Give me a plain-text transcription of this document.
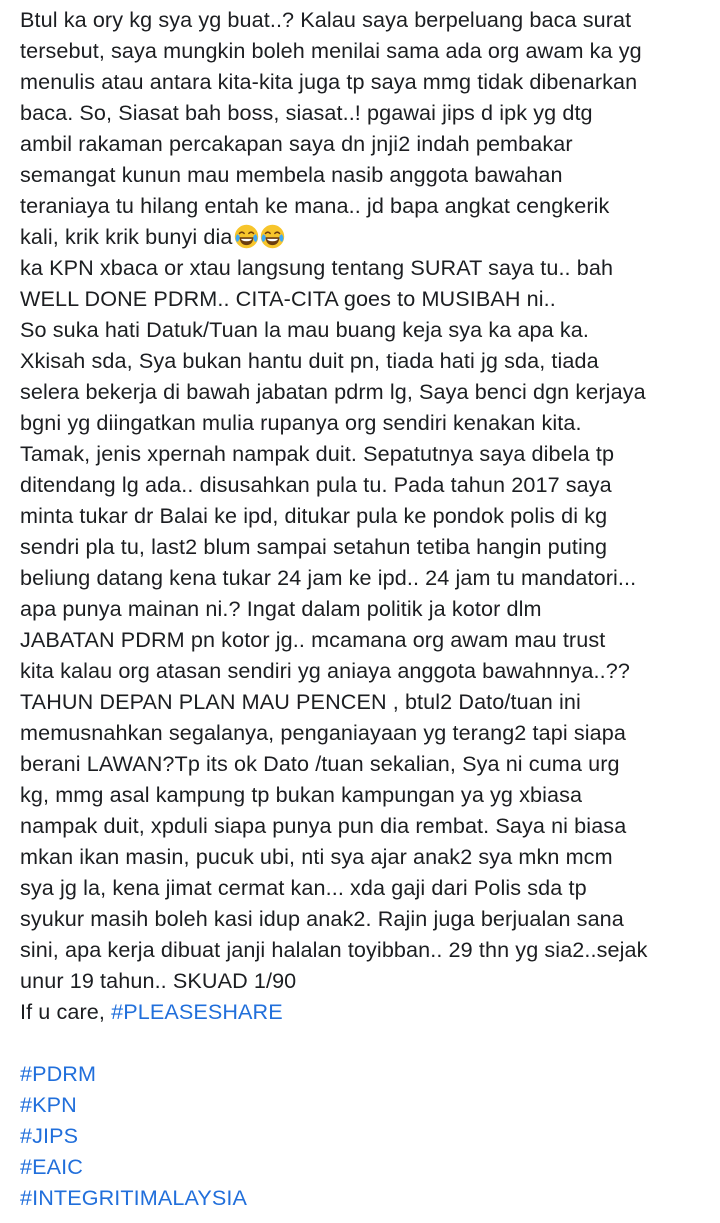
Btul ka ory kg sya yg buat..? Kalau saya berpeluang baca surat
tersebut, saya mungkin boleh menilai sama ada org awam ka yg
menulis atau antara kita-kita juga tp saya mmg tidak dibenarkan
baca. So, Siasat bah boss, siasat..! pgawai jips d ipk yg dtg
ambil rakaman percakapan saya dn jnji2 indah pembakar
semangat kunun mau membela nasib anggota bawahan
teraniaya tu hilang entah ke mana.. jd bapa angkat cengkerik
kali, krik krik bunyi dia
ka KPN xbaca or xtau langsung tentang SURAT saya tu.. bah
WELL DONE PDRM.. CITA-CITA goes to MUSIBAH ni..
So suka hati Datuk/Tuan la mau buang keja sya ka apa ka.
Xkisah sda, Sya bukan hantu duit pn, tiada hati jg sda, tiada
selera bekerja di bawah jabatan pdrm lg, Saya benci dgn kerjaya
bgni yg diingatkan mulia rupanya org sendiri kenakan kita.
Tamak, jenis xpernah nampak duit. Sepatutnya saya dibela tp
ditendang lg ada.. disusahkan pula tu. Pada tahun 2017 saya
minta tukar dr Balai ke ipd, ditukar pula ke pondok polis di kg
sendri pla tu, last2 blum sampai setahun tetiba hangin puting
beliung datang kena tukar 24 jam ke ipd.. 24 jam tu mandatori...
apa punya mainan ni.? Ingat dalam politik ja kotor dlm
JABATAN PDRM pn kotor jg.. mcamana org awam mau trust
kita kalau org atasan sendiri yg aniaya anggota bawahnnya..??
TAHUN DEPAN PLAN MAU PENCEN , btul2 Dato/tuan ini
memusnahkan segalanya, penganiayaan yg terang2 tapi siapa
berani LAWAN?Tp its ok Dato /tuan sekalian, Sya ni cuma urg
kg, mmg asal kampung tp bukan kampungan ya yg xbiasa
nampak duit, xpduli siapa punya pun dia rembat. Saya ni biasa
mkan ikan masin, pucuk ubi, nti sya ajar anak2 sya mkn mcm
sya jg la, kena jimat cermat kan... xda gaji dari Polis sda tp
syukur masih boleh kasi idup anak2. Rajin juga berjualan sana
sini, apa kerja dibuat janji halalan toyibban.. 29 thn yg sia2..sejak
unur 19 tahun.. SKUAD 1/90
If u care, #PLEASESHARE
#PDRM
#KPN
#JIPS
#EAIC
#INTEGRITIMALAYSIA
